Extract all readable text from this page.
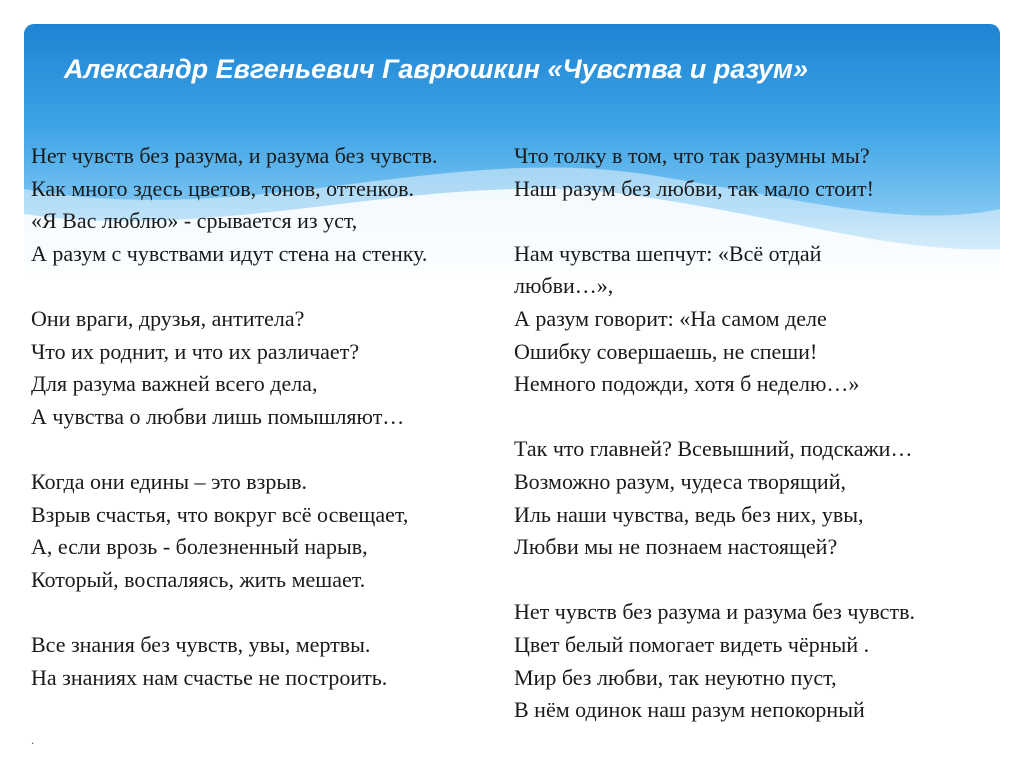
Александр Евгеньевич Гаврюшкин «Чувства и разум»
Нет чувств без разума, и разума без чувств.
Как много здесь цветов, тонов, оттенков.
«Я Вас люблю» - срывается из уст,
А разум с чувствами идут стена на стенку.
Они враги, друзья, антитела?
Что их роднит, и что их различает?
Для разума важней всего дела,
А чувства о любви лишь помышляют…
Когда они едины – это взрыв.
Взрыв счастья, что вокруг всё освещает,
А, если врозь - болезненный нарыв,
Который, воспаляясь, жить мешает.
Все знания без чувств, увы, мертвы.
На знаниях нам счастье не построить.
Что толку в том, что так разумны мы?
Наш разум без любви, так мало стоит!
Нам чувства шепчут: «Всё отдай любви…»,
А разум говорит: «На самом деле
Ошибку совершаешь, не спеши!
Немного подожди, хотя б неделю…»
Так что главней? Всевышний, подскажи…
Возможно разум, чудеса творящий,
Иль наши чувства, ведь без них, увы,
Любви мы не познаем настоящей?
Нет чувств без разума и разума без чувств.
Цвет белый помогает видеть чёрный .
Мир без любви, так неуютно пуст,
В нём одинок наш разум непокорный
.
